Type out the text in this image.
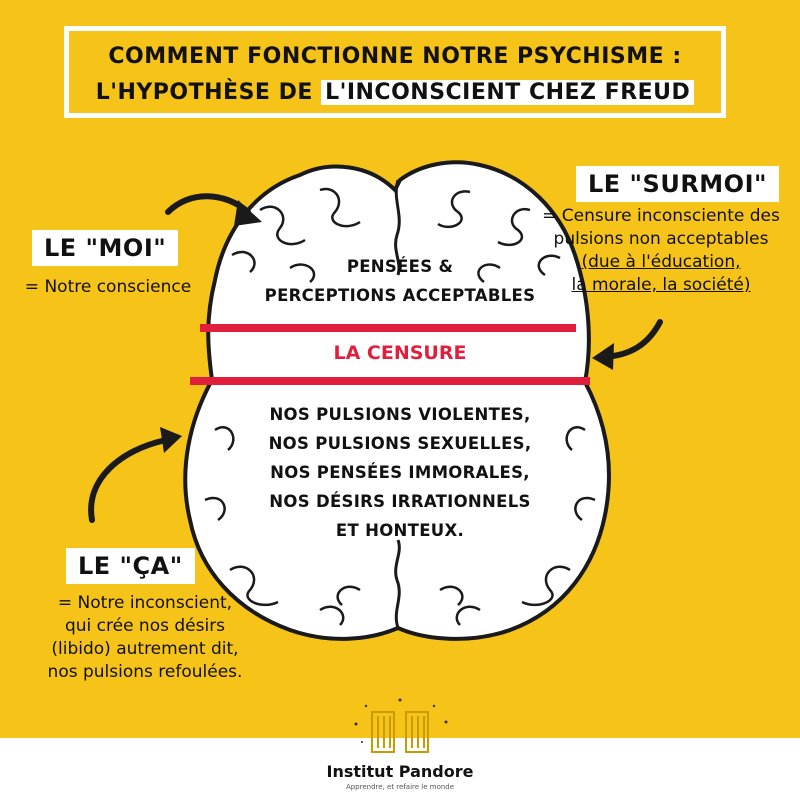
COMMENT FONCTIONNE NOTRE PSYCHISME :
L'HYPOTHÈSE DE L'INCONSCIENT CHEZ FREUD
PENSÉES &
PERCEPTIONS ACCEPTABLES
LA CENSURE
NOS PULSIONS VIOLENTES,
NOS PULSIONS SEXUELLES,
NOS PENSÉES IMMORALES,
NOS DÉSIRS IRRATIONNELS
ET HONTEUX.
LE "MOI"
= Notre conscience
LE "SURMOI"
= Censure inconsciente des
pulsions non acceptables
(due à l'éducation,
la morale, la société)
LE "ÇA"
= Notre inconscient,
qui crée nos désirs
(libido) autrement dit,
nos pulsions refoulées.
Institut Pandore
Apprendre, et refaire le monde
